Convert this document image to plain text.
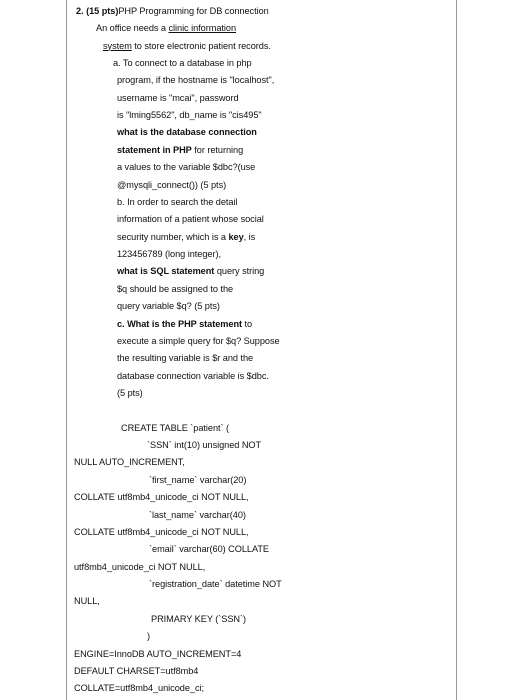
2. (15 pts)PHP Programming for DB connection
An office needs a clinic information
system to store electronic patient records.
a. To connect to a database in php
program, if the hostname is "localhost",
username is "mcai", password
is "lming5562", db_name is "cis495"
what is the database connection
statement in PHP for returning
a values to the variable $dbc?(use
@mysqli_connect()) (5 pts)
b. In order to search the detail
information of a patient whose social
security number, which is a key, is
123456789 (long integer),
what is SQL statement query string
$q should be assigned to the
query variable $q? (5 pts)
c. What is the PHP statement to
execute a simple query for $q? Suppose
the resulting variable is $r and the
database connection variable is $dbc.
(5 pts)
CREATE TABLE `patient` (
`SSN` int(10) unsigned NOT
NULL AUTO_INCREMENT,
`first_name` varchar(20)
COLLATE utf8mb4_unicode_ci NOT NULL,
`last_name` varchar(40)
COLLATE utf8mb4_unicode_ci NOT NULL,
`email` varchar(60) COLLATE
utf8mb4_unicode_ci NOT NULL,
`registration_date` datetime NOT
NULL,
PRIMARY KEY (`SSN`)
)
ENGINE=InnoDB AUTO_INCREMENT=4
DEFAULT CHARSET=utf8mb4
COLLATE=utf8mb4_unicode_ci;
